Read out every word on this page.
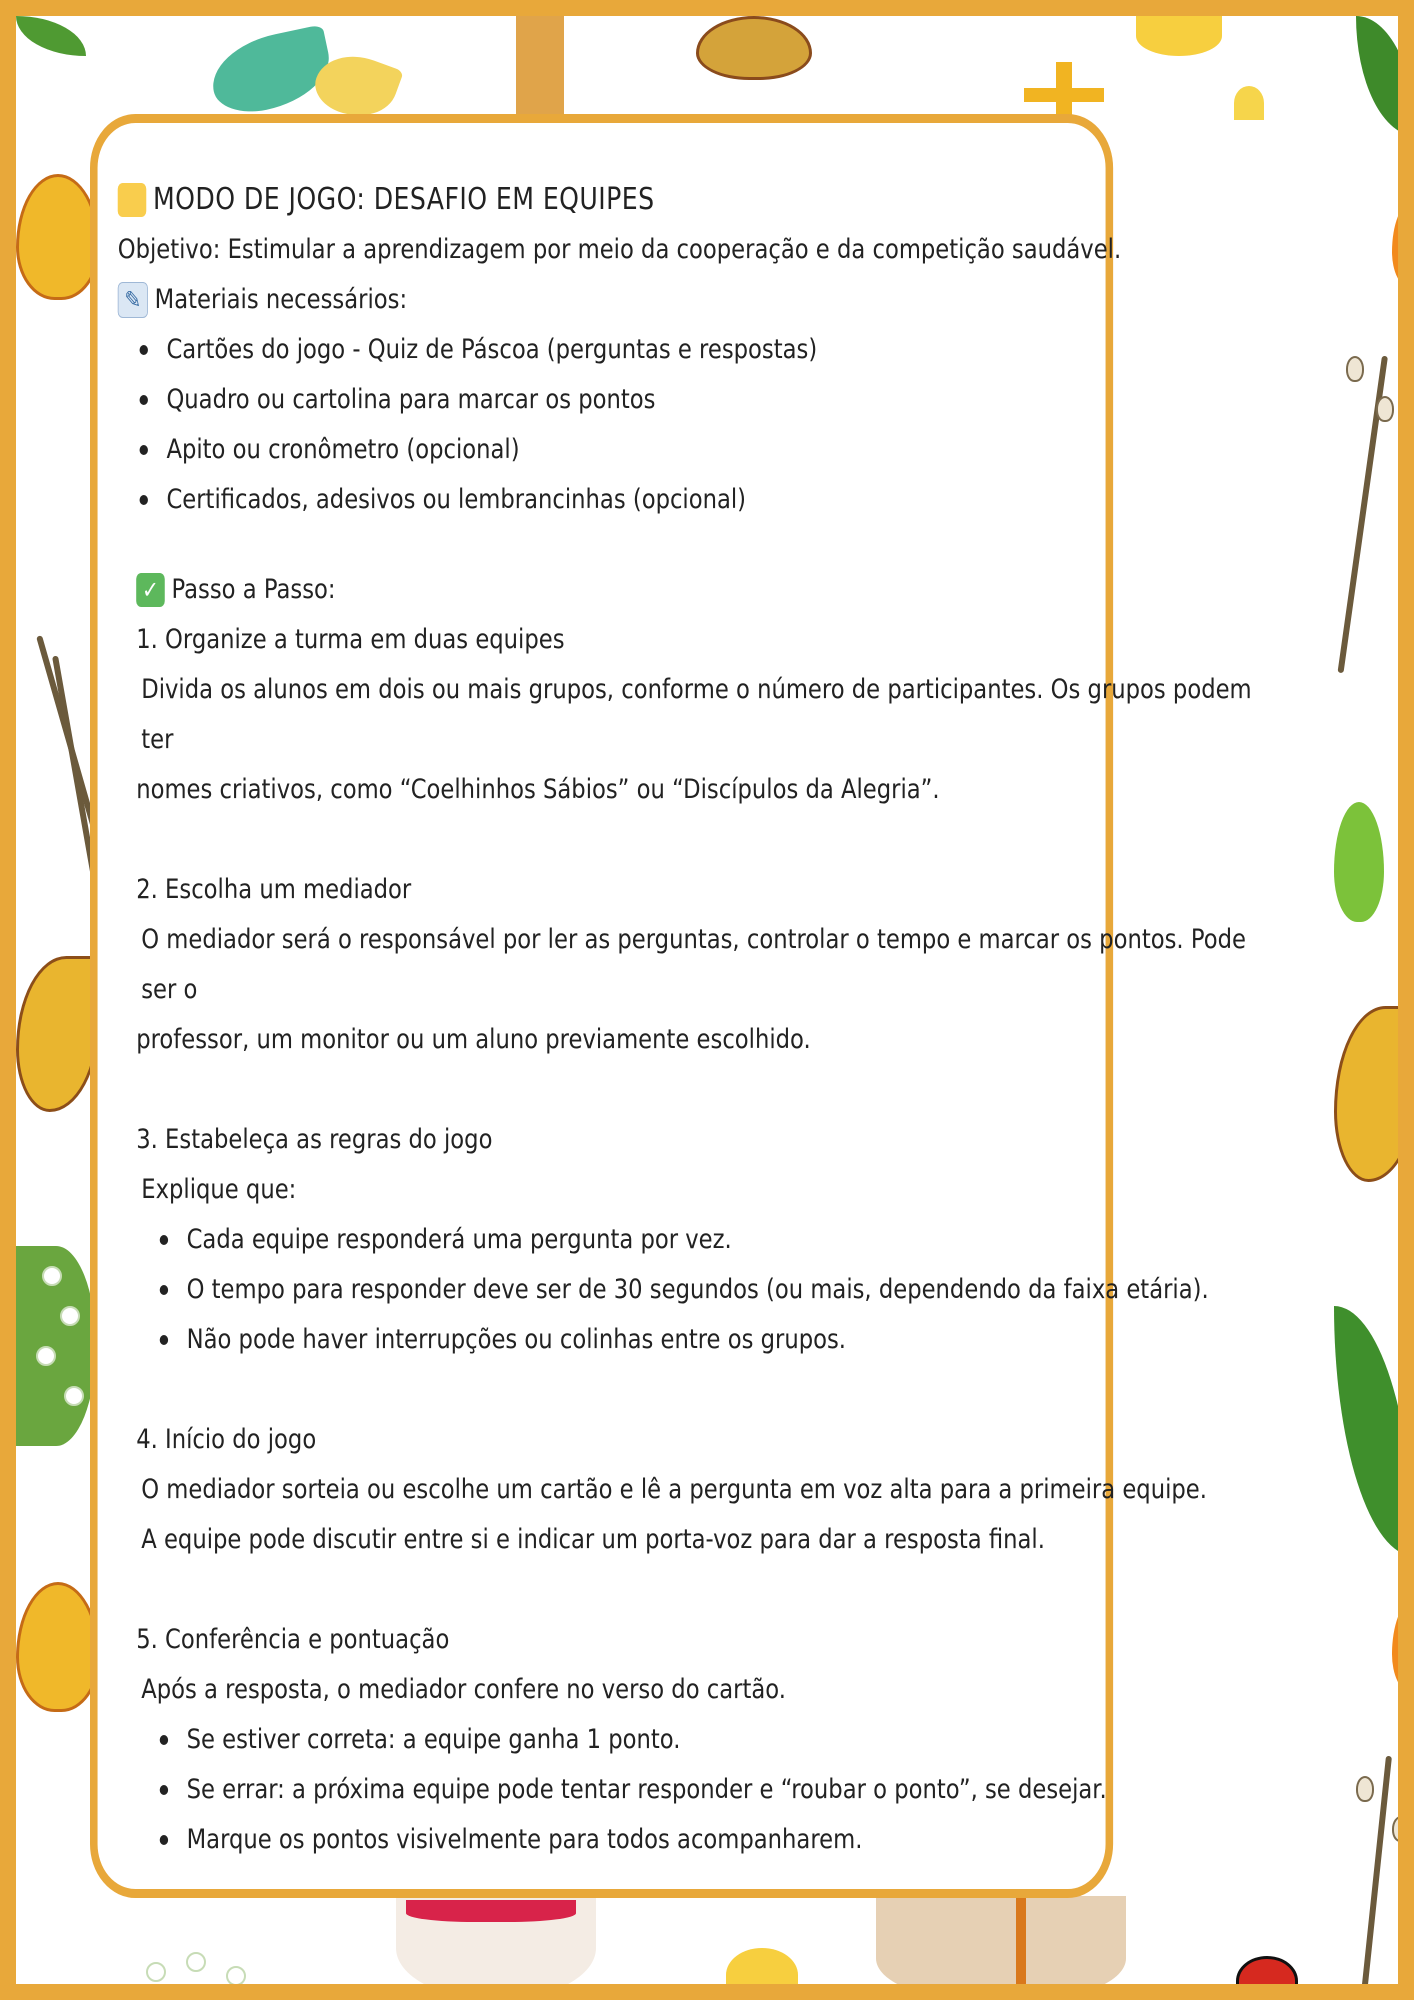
MODO DE JOGO: DESAFIO EM EQUIPES
Objetivo: Estimular a aprendizagem por meio da cooperação e da competição saudável.
✎ Materiais necessários:
Cartões do jogo - Quiz de Páscoa (perguntas e respostas)
Quadro ou cartolina para marcar os pontos
Apito ou cronômetro (opcional)
Certificados, adesivos ou lembrancinhas (opcional)
✓ Passo a Passo:
1. Organize a turma em duas equipes
Divida os alunos em dois ou mais grupos, conforme o número de participantes. Os grupos podem ter
nomes criativos, como “Coelhinhos Sábios” ou “Discípulos da Alegria”.
2. Escolha um mediador
O mediador será o responsável por ler as perguntas, controlar o tempo e marcar os pontos. Pode ser o
professor, um monitor ou um aluno previamente escolhido.
3. Estabeleça as regras do jogo
Explique que:
Cada equipe responderá uma pergunta por vez.
O tempo para responder deve ser de 30 segundos (ou mais, dependendo da faixa etária).
Não pode haver interrupções ou colinhas entre os grupos.
4. Início do jogo
O mediador sorteia ou escolhe um cartão e lê a pergunta em voz alta para a primeira equipe.
A equipe pode discutir entre si e indicar um porta-voz para dar a resposta final.
5. Conferência e pontuação
Após a resposta, o mediador confere no verso do cartão.
Se estiver correta: a equipe ganha 1 ponto.
Se errar: a próxima equipe pode tentar responder e “roubar o ponto”, se desejar.
Marque os pontos visivelmente para todos acompanharem.
